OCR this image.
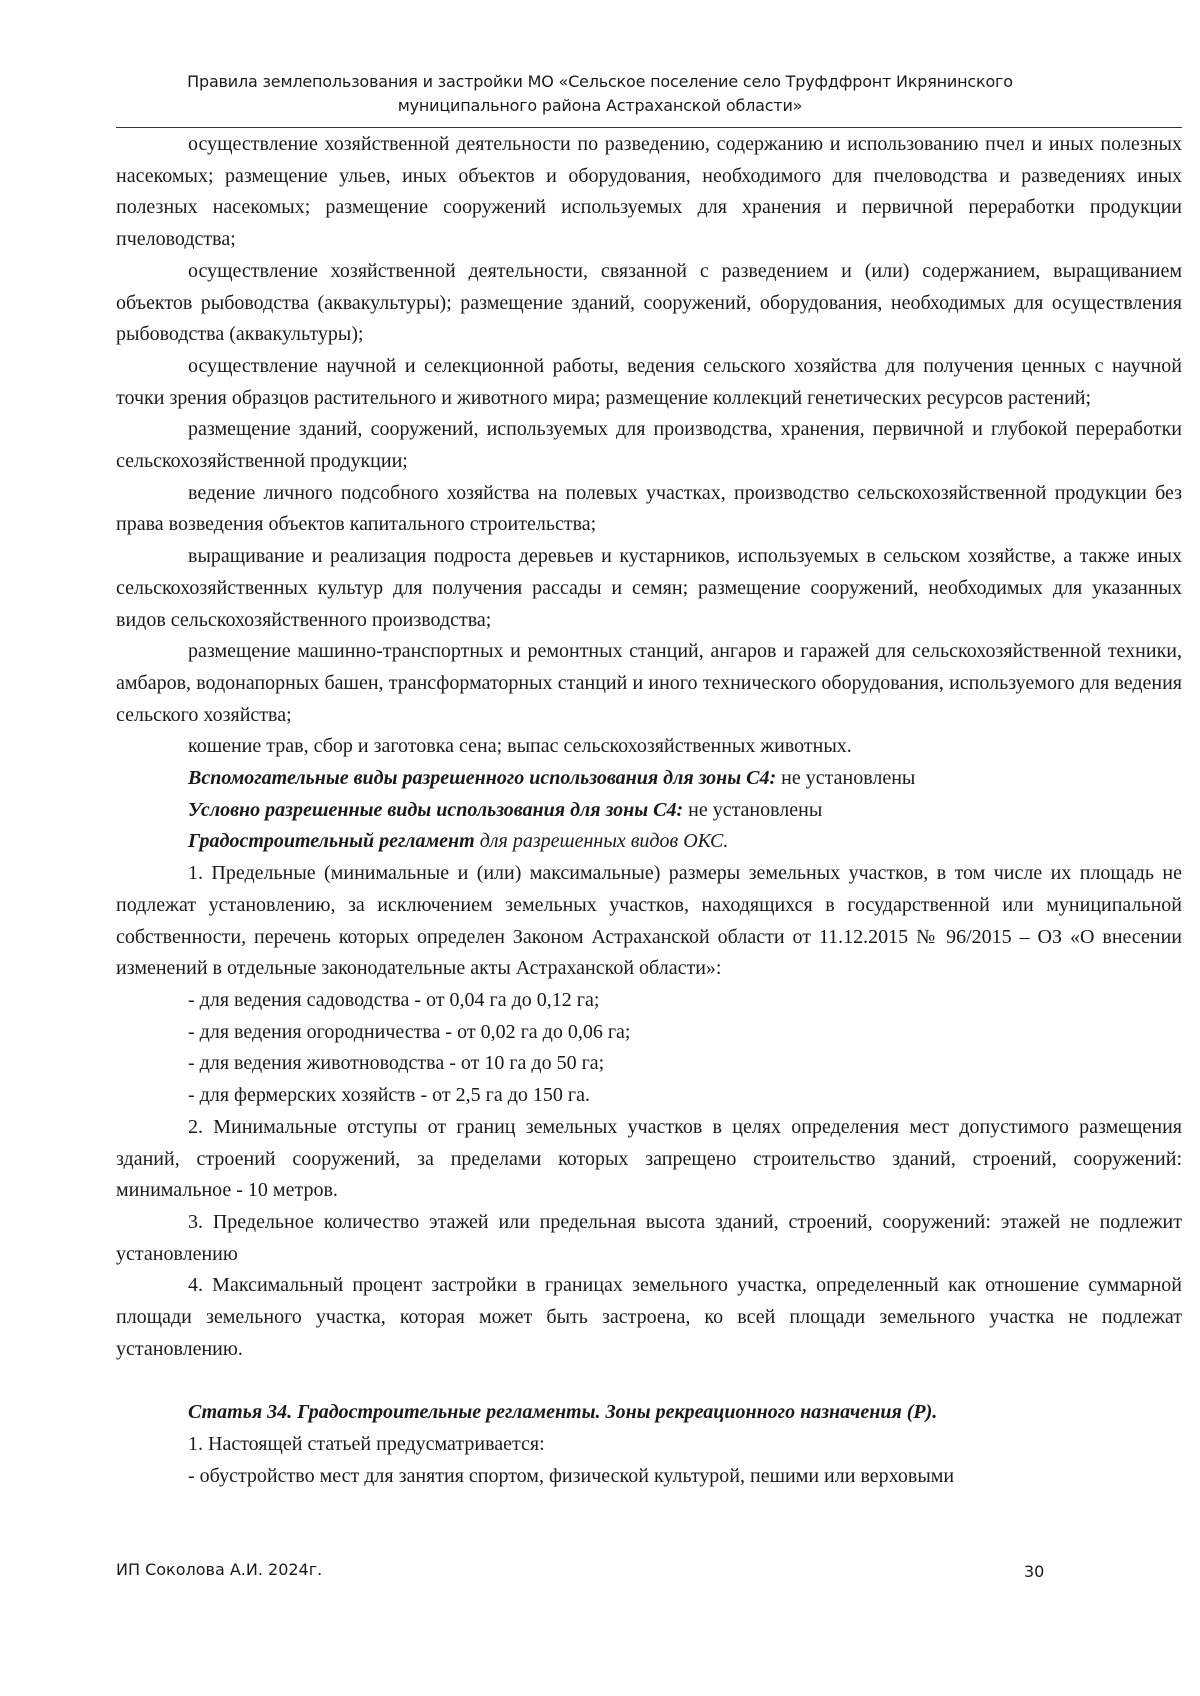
Правила землепользования и застройки МО «Сельское поселение село Труфдфронт Икрянинского
муниципального района Астраханской области»

осуществление хозяйственной деятельности по разведению, содержанию и использованию пчел и иных полезных насекомых; размещение ульев, иных объектов и оборудования, необходимого для пчеловодства и разведениях иных полезных насекомых; размещение сооружений используемых для хранения и первичной переработки продукции пчеловодства;

осуществление хозяйственной деятельности, связанной с разведением и (или) содержанием, выращиванием объектов рыбоводства (аквакультуры); размещение зданий, сооружений, оборудования, необходимых для осуществления рыбоводства (аквакультуры);

осуществление научной и селекционной работы, ведения сельского хозяйства для получения ценных с научной точки зрения образцов растительного и животного мира; размещение коллекций генетических ресурсов растений;

размещение зданий, сооружений, используемых для производства, хранения, первичной и глубокой переработки сельскохозяйственной продукции;

ведение личного подсобного хозяйства на полевых участках, производство сельскохозяйственной продукции без права возведения объектов капитального строительства;

выращивание и реализация подроста деревьев и кустарников, используемых в сельском хозяйстве, а также иных сельскохозяйственных культур для получения рассады и семян; размещение сооружений, необходимых для указанных видов сельскохозяйственного производства;

размещение машинно-транспортных и ремонтных станций, ангаров и гаражей для сельскохозяйственной техники, амбаров, водонапорных башен, трансформаторных станций и иного технического оборудования, используемого для ведения сельского хозяйства;

кошение трав, сбор и заготовка сена; выпас сельскохозяйственных животных.

Вспомогательные виды разрешенного использования для зоны С4: не установлены

Условно разрешенные виды использования для зоны С4: не установлены

Градостроительный регламент для разрешенных видов ОКС.

1. Предельные (минимальные и (или) максимальные) размеры земельных участков, в том числе их площадь не подлежат установлению, за исключением земельных участков, находящихся в государственной или муниципальной собственности, перечень которых определен Законом Астраханской области от 11.12.2015 № 96/2015 – ОЗ «О внесении изменений в отдельные законодательные акты Астраханской области»:

- для ведения садоводства - от 0,04 га до 0,12 га;

- для ведения огородничества - от 0,02 га до 0,06 га;

- для ведения животноводства - от 10 га до 50 га;

- для фермерских хозяйств - от 2,5 га до 150 га.

2. Минимальные отступы от границ земельных участков в целях определения мест допустимого размещения зданий, строений сооружений, за пределами которых запрещено строительство зданий, строений, сооружений: минимальное - 10 метров.

3. Предельное количество этажей или предельная высота зданий, строений, сооружений: этажей не подлежит установлению

4. Максимальный процент застройки в границах земельного участка, определенный как отношение суммарной площади земельного участка, которая может быть застроена, ко всей площади земельного участка не подлежат установлению.

Статья 34. Градостроительные регламенты. Зоны рекреационного назначения (Р).

1. Настоящей статьей предусматривается:

- обустройство мест для занятия спортом, физической культурой, пешими или верховыми

ИП Соколова А.И. 2024г.	30
